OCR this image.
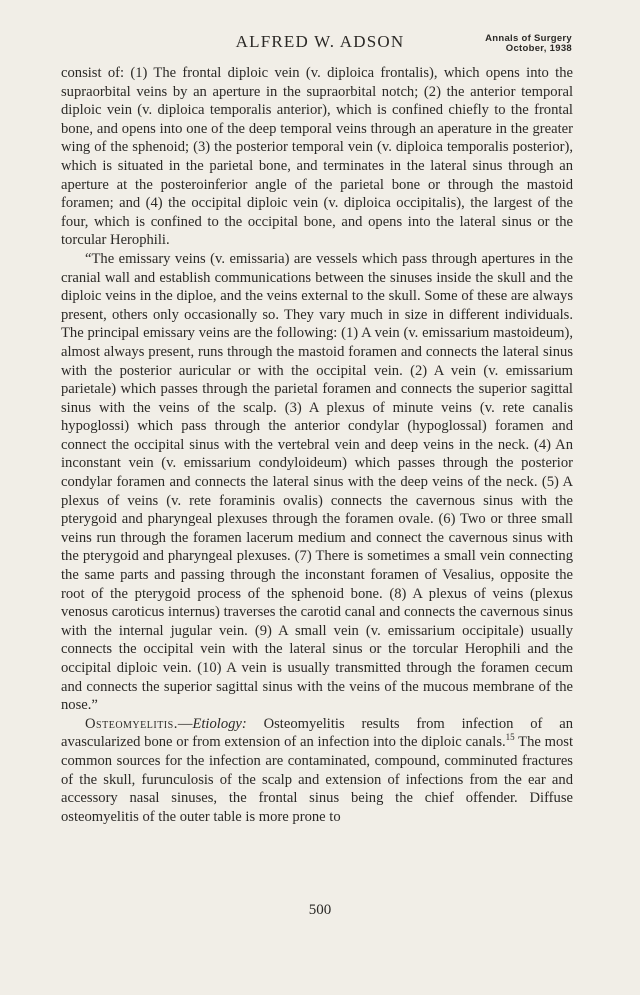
ALFRED W. ADSON	Annals of Surgery
October, 1938

consist of: (1) The frontal diploic vein (v. diploica frontalis), which opens into the supraorbital veins by an aperture in the supraorbital notch; (2) the anterior temporal diploic vein (v. diploica temporalis anterior), which is confined chiefly to the frontal bone, and opens into one of the deep temporal veins through an aperature in the greater wing of the sphenoid; (3) the posterior temporal vein (v. diploica temporalis posterior), which is situated in the parietal bone, and terminates in the lateral sinus through an aperture at the posteroinferior angle of the parietal bone or through the mastoid foramen; and (4) the occipital diploic vein (v. diploica occipitalis), the largest of the four, which is confined to the occipital bone, and opens into the lateral sinus or the torcular Herophili.

“The emissary veins (v. emissaria) are vessels which pass through apertures in the cranial wall and establish communications between the sinuses inside the skull and the diploic veins in the diploe, and the veins external to the skull. Some of these are always present, others only occasionally so. They vary much in size in different individuals. The principal emissary veins are the following: (1) A vein (v. emissarium mastoideum), almost always present, runs through the mastoid foramen and connects the lateral sinus with the posterior auricular or with the occipital vein. (2) A vein (v. emissarium parietale) which passes through the parietal foramen and connects the superior sagittal sinus with the veins of the scalp. (3) A plexus of minute veins (v. rete canalis hypoglossi) which pass through the anterior condylar (hypoglossal) foramen and connect the occipital sinus with the vertebral vein and deep veins in the neck. (4) An inconstant vein (v. emissarium condyloideum) which passes through the posterior condylar foramen and connects the lateral sinus with the deep veins of the neck. (5) A plexus of veins (v. rete foraminis ovalis) connects the cavernous sinus with the pterygoid and pharyngeal plexuses through the foramen ovale. (6) Two or three small veins run through the foramen lacerum medium and connect the cavernous sinus with the pterygoid and pharyngeal plexuses. (7) There is sometimes a small vein connecting the same parts and passing through the inconstant foramen of Vesalius, opposite the root of the pterygoid process of the sphenoid bone. (8) A plexus of veins (plexus venosus caroticus internus) traverses the carotid canal and connects the cavernous sinus with the internal jugular vein. (9) A small vein (v. emissarium occipitale) usually connects the occipital vein with the lateral sinus or the torcular Herophili and the occipital diploic vein. (10) A vein is usually transmitted through the foramen cecum and connects the superior sagittal sinus with the veins of the mucous membrane of the nose.”

Osteomyelitis.—Etiology: Osteomyelitis results from infection of an avascularized bone or from extension of an infection into the diploic canals.$^{15}$ The most common sources for the infection are contaminated, compound, comminuted fractures of the skull, furunculosis of the scalp and extension of infections from the ear and accessory nasal sinuses, the frontal sinus being the chief offender. Diffuse osteomyelitis of the outer table is more prone to

500
